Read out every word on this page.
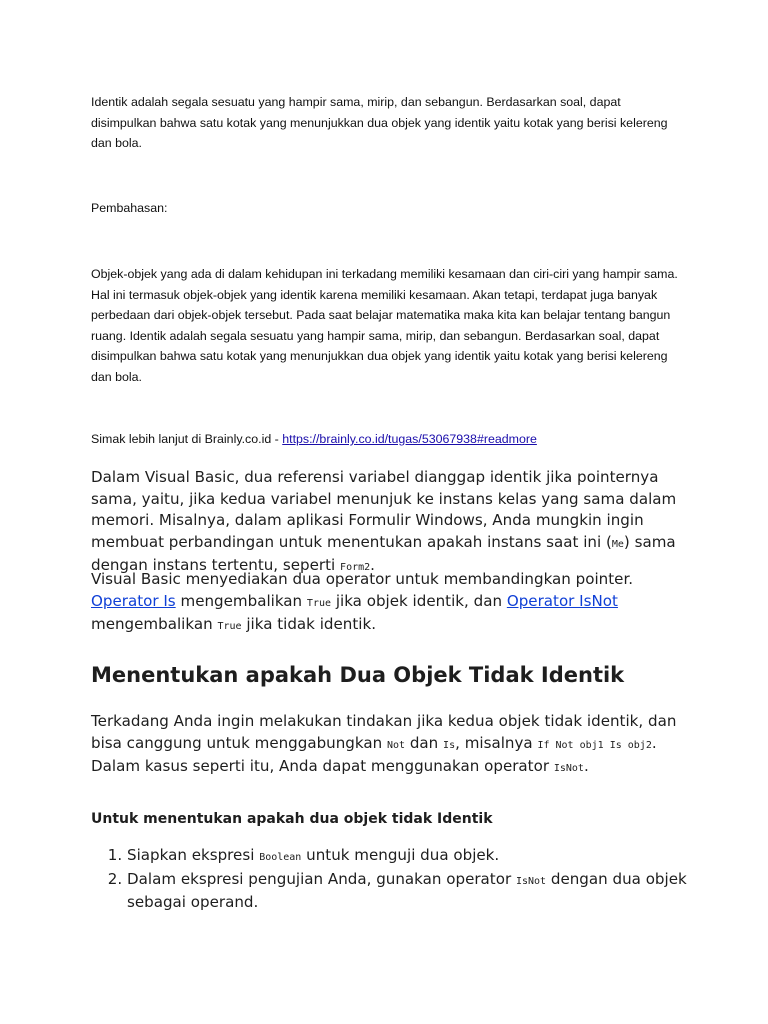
Identik adalah segala sesuatu yang hampir sama, mirip, dan sebangun. Berdasarkan soal, dapat disimpulkan bahwa satu kotak yang menunjukkan dua objek yang identik yaitu kotak yang berisi kelereng dan bola.

Pembahasan:

Objek-objek yang ada di dalam kehidupan ini terkadang memiliki kesamaan dan ciri-ciri yang hampir sama. Hal ini termasuk objek-objek yang identik karena memiliki kesamaan. Akan tetapi, terdapat juga banyak perbedaan dari objek-objek tersebut. Pada saat belajar matematika maka kita kan belajar tentang bangun ruang. Identik adalah segala sesuatu yang hampir sama, mirip, dan sebangun. Berdasarkan soal, dapat disimpulkan bahwa satu kotak yang menunjukkan dua objek yang identik yaitu kotak yang berisi kelereng dan bola.

Simak lebih lanjut di Brainly.co.id - https://brainly.co.id/tugas/53067938#readmore

Dalam Visual Basic, dua referensi variabel dianggap identik jika pointernya sama, yaitu, jika kedua variabel menunjuk ke instans kelas yang sama dalam memori. Misalnya, dalam aplikasi Formulir Windows, Anda mungkin ingin membuat perbandingan untuk menentukan apakah instans saat ini (Me) sama dengan instans tertentu, seperti Form2.

Visual Basic menyediakan dua operator untuk membandingkan pointer. Operator Is mengembalikan True jika objek identik, dan Operator IsNot mengembalikan True jika tidak identik.

Menentukan apakah Dua Objek Tidak Identik

Terkadang Anda ingin melakukan tindakan jika kedua objek tidak identik, dan bisa canggung untuk menggabungkan Not dan Is, misalnya If Not obj1 Is obj2. Dalam kasus seperti itu, Anda dapat menggunakan operator IsNot.

Untuk menentukan apakah dua objek tidak Identik
1. Siapkan ekspresi Boolean untuk menguji dua objek.
2. Dalam ekspresi pengujian Anda, gunakan operator IsNot dengan dua objek sebagai operand.
